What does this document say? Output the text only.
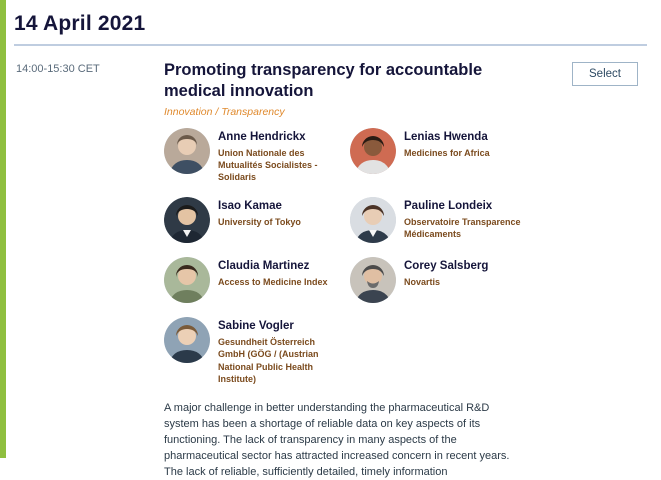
14 April 2021
14:00-15:30 CET	Promoting transparency for accountable medical innovation
Innovation / Transparency
Anne Hendrickx
Union Nationale des Mutualités Socialistes - Solidaris
Lenias Hwenda
Medicines for Africa
Isao Kamae
University of Tokyo
Pauline Londeix
Observatoire Transparence Médicaments
Claudia Martinez
Access to Medicine Index
Corey Salsberg
Novartis
Sabine Vogler
Gesundheit Österreich GmbH (GÖG / (Austrian National Public Health Institute)
Select

A major challenge in better understanding the pharmaceutical R&D system has been a shortage of reliable data on key aspects of its functioning. The lack of transparency in many aspects of the pharmaceutical sector has attracted increased concern in recent years. The lack of reliable, sufficiently detailed, timely information
